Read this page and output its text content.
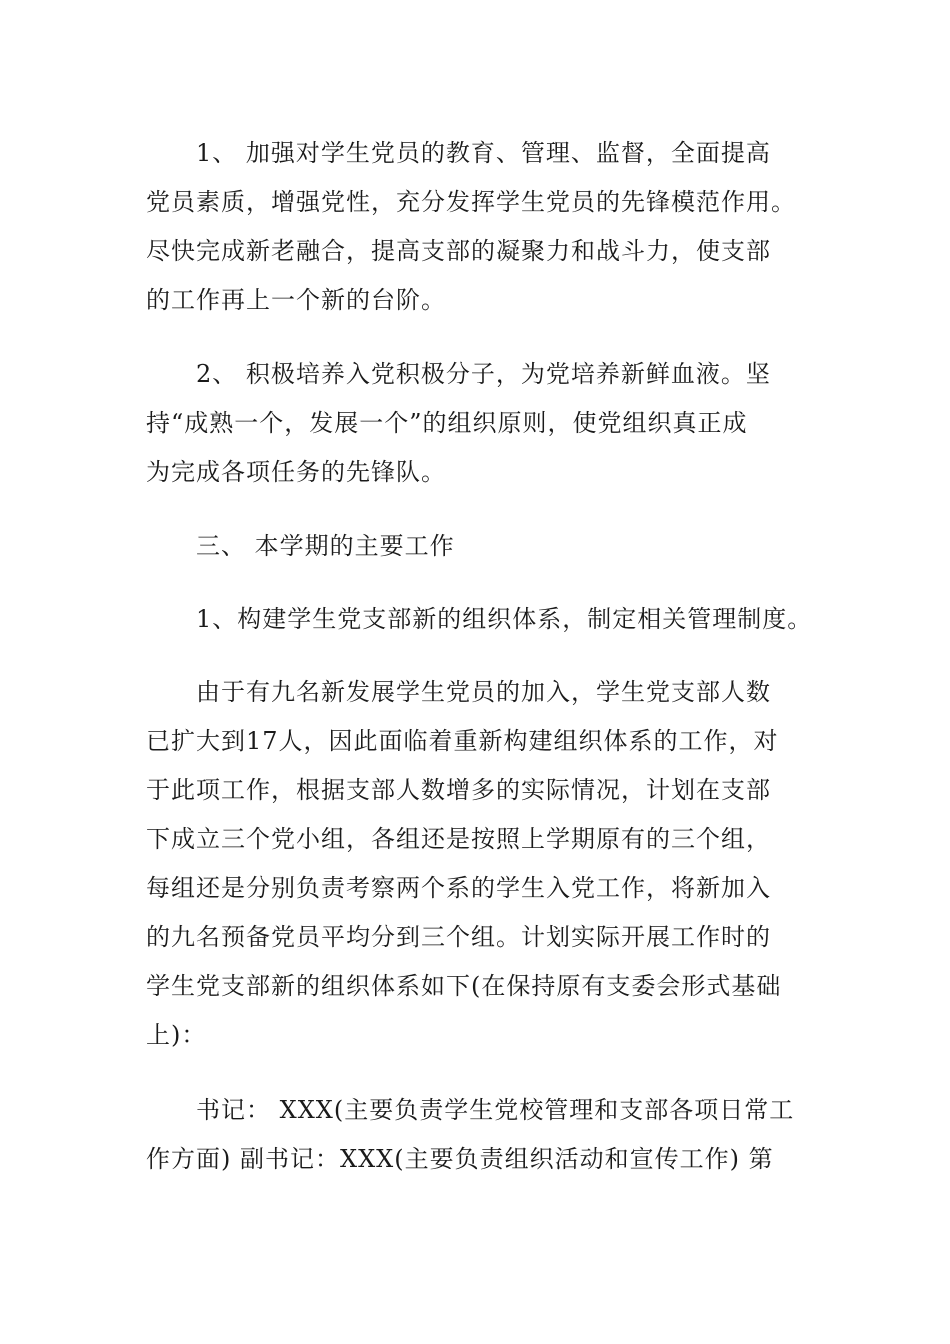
1、 加强对学生党员的教育、管理、监督，全面提高
党员素质，增强党性，充分发挥学生党员的先锋模范作用。
尽快完成新老融合，提高支部的凝聚力和战斗力，使支部
的工作再上一个新的台阶。
2、 积极培养入党积极分子，为党培养新鲜血液。坚
持“成熟一个，发展一个”的组织原则，使党组织真正成
为完成各项任务的先锋队。
三、 本学期的主要工作
1、构建学生党支部新的组织体系，制定相关管理制度。
由于有九名新发展学生党员的加入，学生党支部人数
已扩大到17人，因此面临着重新构建组织体系的工作，对
于此项工作，根据支部人数增多的实际情况，计划在支部
下成立三个党小组，各组还是按照上学期原有的三个组，
每组还是分别负责考察两个系的学生入党工作，将新加入
的九名预备党员平均分到三个组。计划实际开展工作时的
学生党支部新的组织体系如下(在保持原有支委会形式基础
上)：
书记： XXX(主要负责学生党校管理和支部各项日常工
作方面) 副书记：XXX(主要负责组织活动和宣传工作) 第
